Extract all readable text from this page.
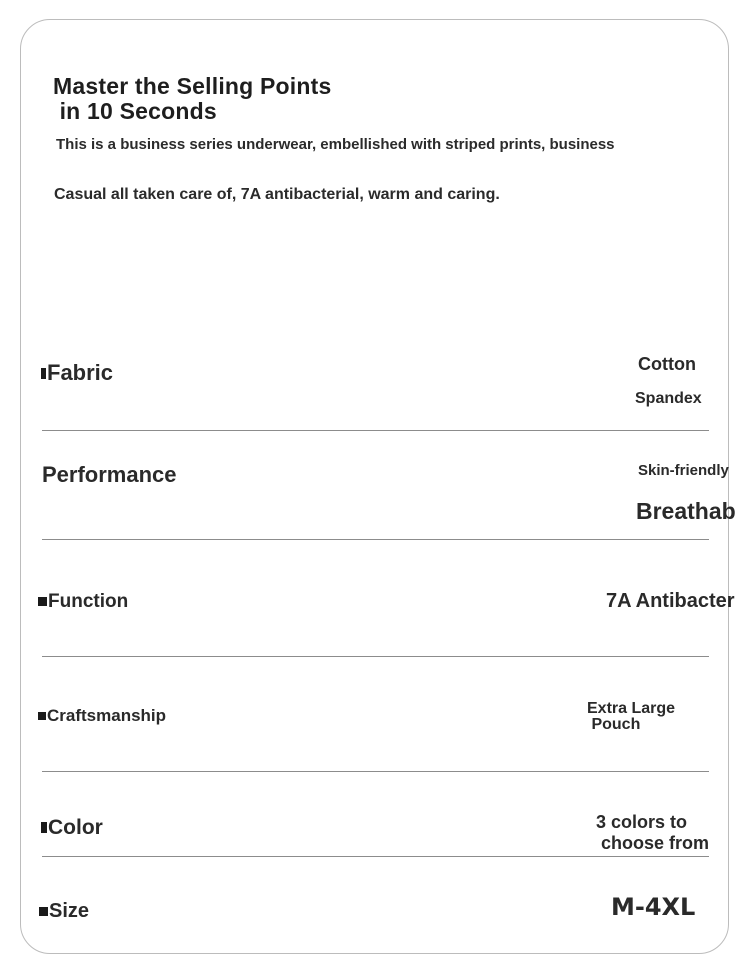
Master the Selling Points
in 10 Seconds

This is a business series underwear, embellished with striped prints, business

Casual all taken care of, 7A antibacterial, warm and caring.

Fabric	Cotton
Spandex
Performance	Skin-friendly
Breathab
Function	7A Antibacter
Craftsmanship	Extra Large
Pouch
Color	3 colors to
choose from
Size	M-4XL
